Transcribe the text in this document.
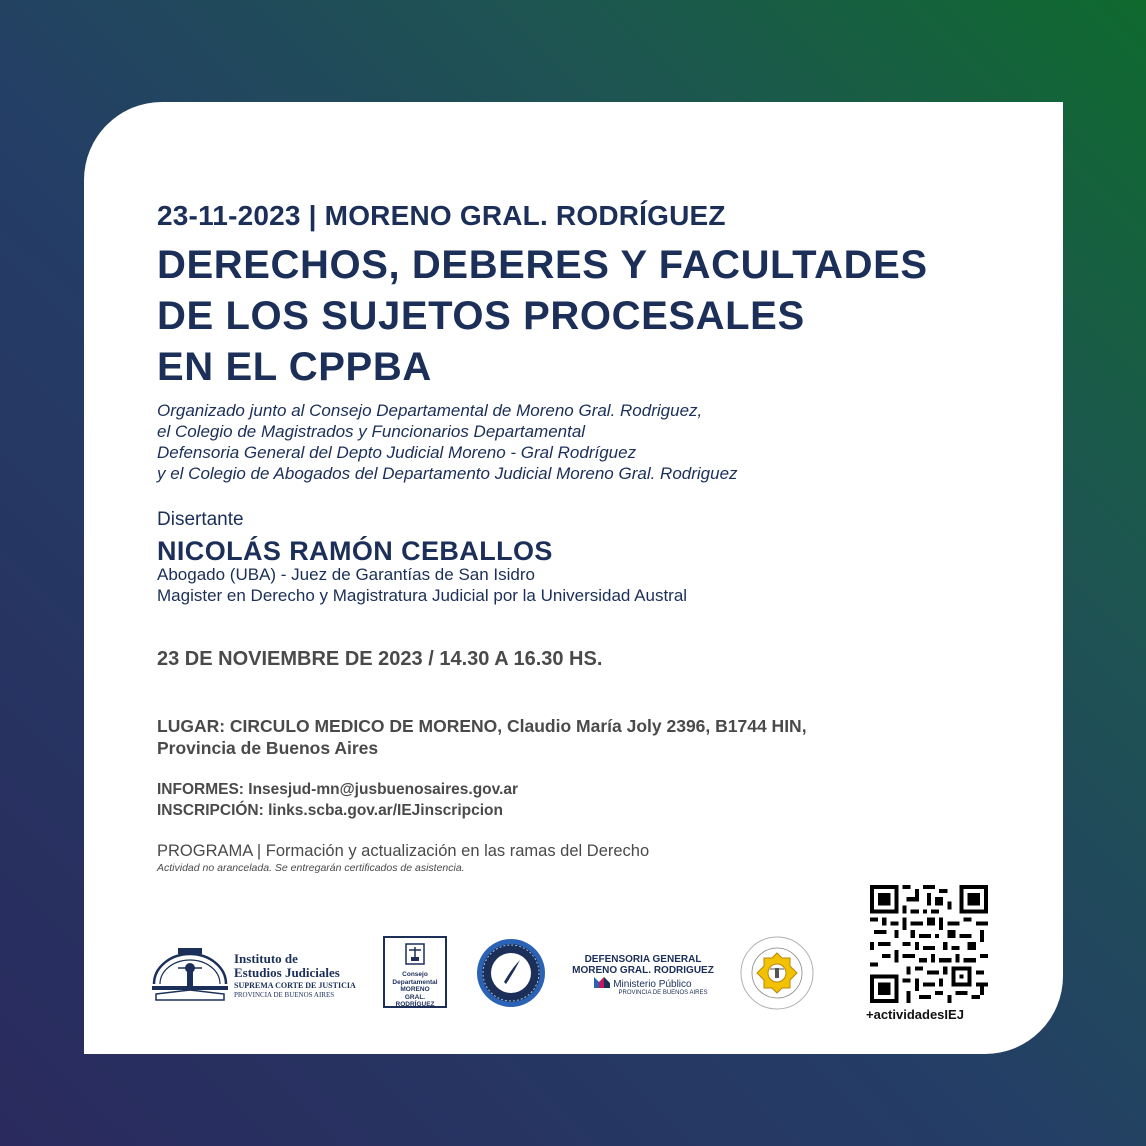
23-11-2023 | MORENO GRAL. RODRÍGUEZ

DERECHOS, DEBERES Y FACULTADES

DE LOS SUJETOS PROCESALES

EN EL CPPBA

Organizado junto al Consejo Departamental de Moreno Gral. Rodriguez,

el Colegio de Magistrados y Funcionarios Departamental

Defensoria General del Depto Judicial Moreno - Gral Rodríguez

y el Colegio de Abogados del Departamento Judicial Moreno Gral. Rodriguez

Disertante

NICOLÁS RAMÓN CEBALLOS

Abogado (UBA) - Juez de Garantías de San Isidro

Magister en Derecho y Magistratura Judicial por la Universidad Austral

23 DE NOVIEMBRE DE 2023 / 14.30 A 16.30 HS.

LUGAR: CIRCULO MEDICO DE MORENO, Claudio María Joly 2396, B1744 HIN,

Provincia de Buenos Aires

INFORMES: Insesjud-mn@jusbuenosaires.gov.ar

INSCRIPCIÓN: links.scba.gov.ar/IEJinscripcion

PROGRAMA | Formación y actualización en las ramas del Derecho

Actividad no arancelada. Se entregarán certificados de asistencia.

Instituto de
Estudios Judiciales
SUPREMA CORTE DE JUSTICIA
PROVINCIA DE BUENOS AIRES
Consejo
Departamental
MORENO
GRAL. RODRÍGUEZ
DEFENSORIA GENERAL
MORENO GRAL. RODRIGUEZ
Ministerio Público
PROVINCIA DE BUENOS AIRES
+actividadesIEJ
